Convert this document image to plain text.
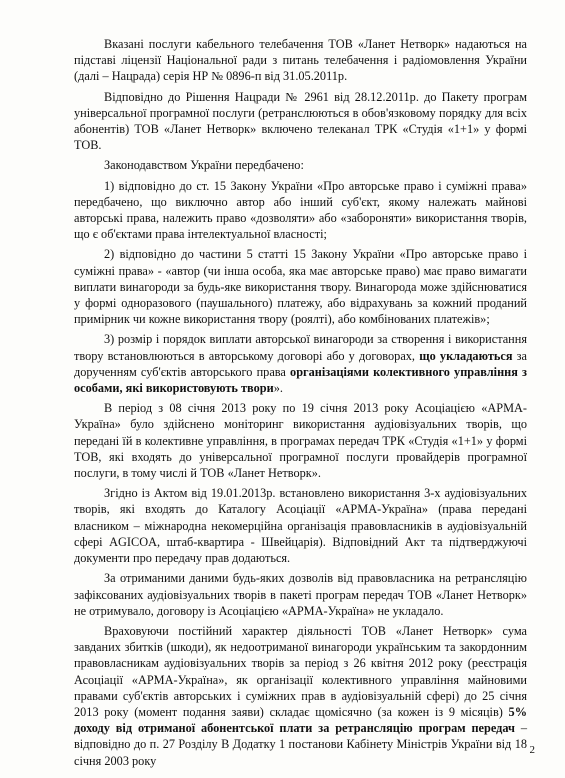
Вказані послуги кабельного телебачення ТОВ «Ланет Нетворк» надаються на підставі ліцензії Національної ради з питань телебачення і радіомовлення України (далі – Нацрада) серія НР № 0896-п від 31.05.2011р.

Відповідно до Рішення Нацради № 2961 від 28.12.2011р. до Пакету програм універсальної програмної послуги (ретранслюються в обов'язковому порядку для всіх абонентів) ТОВ «Ланет Нетворк» включено телеканал ТРК «Студія «1+1» у формі ТОВ.

Законодавством України передбачено:

1) відповідно до ст. 15 Закону України «Про авторське право і суміжні права» передбачено, що виключно автор або інший суб'єкт, якому належать майнові авторські права, належить право «дозволяти» або «забороняти» використання творів, що є об'єктами права інтелектуальної власності;

2) відповідно до частини 5 статті 15 Закону України «Про авторське право і суміжні права» - «автор (чи інша особа, яка має авторське право) має право вимагати виплати винагороди за будь-яке використання твору. Винагорода може здійснюватися у формі одноразового (паушального) платежу, або відрахувань за кожний проданий примірник чи кожне використання твору (роялті), або комбінованих платежів»;

3) розмір і порядок виплати авторської винагороди за створення і використання твору встановлюються в авторському договорі або у договорах, що укладаються за дорученням суб'єктів авторського права організаціями колективного управління з особами, які використовують твори».

В період з 08 січня 2013 року по 19 січня 2013 року Асоціацією «АРМА-Україна» було здійснено моніторинг використання аудіовізуальних творів, що передані їй в колективне управління, в програмах передач ТРК «Студія «1+1» у формі ТОВ, які входять до універсальної програмної послуги провайдерів програмної послуги, в тому числі й ТОВ «Ланет Нетворк».

Згідно із Актом від 19.01.2013р. встановлено використання 3-х аудіовізуальних творів, які входять до Каталогу Асоціації «АРМА-Україна» (права передані власником – міжнародна некомерційна організація правовласників в аудіовізуальній сфері AGICOA, штаб-квартира - Швейцарія). Відповідний Акт та підтверджуючі документи про передачу прав додаються.

За отриманими даними будь-яких дозволів від правовласника на ретрансляцію зафіксованих аудіовізуальних творів в пакеті програм передач ТОВ «Ланет Нетворк» не отримувало, договору із Асоціацією «АРМА-Україна» не укладало.

Враховуючи постійний характер діяльності ТОВ «Ланет Нетворк» сума завданих збитків (шкоди), як недоотриманої винагороди українським та закордонним правовласникам аудіовізуальних творів за період з 26 квітня 2012 року (реєстрація Асоціації «АРМА-Україна», як організації колективного управління майновими правами суб'єктів авторських і суміжних прав в аудіовізуальній сфері) до 25 січня 2013 року (момент подання заяви) складає щомісячно (за кожен із 9 місяців) 5% доходу від отриманої абонентської плати за ретрансляцію програм передач – відповідно до п. 27 Розділу В Додатку 1 постанови Кабінету Міністрів України від 18 січня 2003 року

2
